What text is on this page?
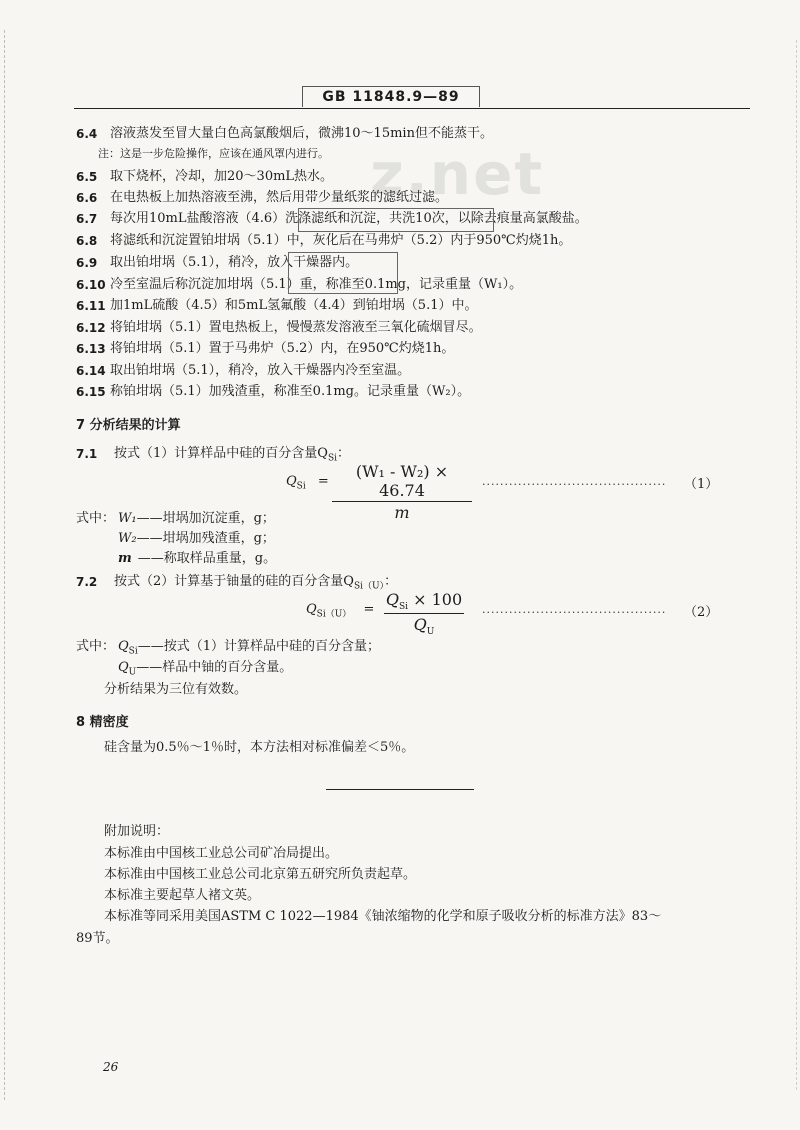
GB 11848.9—89
z.net
6.4 溶液蒸发至冒大量白色高氯酸烟后，微沸10～15min但不能蒸干。
注：这是一步危险操作，应该在通风罩内进行。
6.5 取下烧杯，冷却，加20～30mL热水。
6.6 在电热板上加热溶液至沸，然后用带少量纸浆的滤纸过滤。
6.7 每次用10mL盐酸溶液（4.6）洗涤滤纸和沉淀，共洗10次，以除去痕量高氯酸盐。
6.8 将滤纸和沉淀置铂坩埚（5.1）中，灰化后在马弗炉（5.2）内于950℃灼烧1h。
6.9 取出铂坩埚（5.1），稍冷，放入干燥器内。
6.10 冷至室温后称沉淀加坩埚（5.1）重，称准至0.1mg，记录重量（W₁）。
6.11 加1mL硫酸（4.5）和5mL氢氟酸（4.4）到铂坩埚（5.1）中。
6.12 将铂坩埚（5.1）置电热板上，慢慢蒸发溶液至三氧化硫烟冒尽。
6.13 将铂坩埚（5.1）置于马弗炉（5.2）内，在950℃灼烧1h。
6.14 取出铂坩埚（5.1），稍冷，放入干燥器内冷至室温。
6.15 称铂坩埚（5.1）加残渣重，称准至0.1mg。记录重量（W₂）。
7 分析结果的计算
7.1 按式（1）计算样品中硅的百分含量$Q_{Si}$：
$Q_{Si}$ =
(W₁ - W₂) × 46.74
m
········································· （1）
式中： W₁——坩埚加沉淀重，g；
W₂——坩埚加残渣重，g；
m ——称取样品重量，g。
7.2 按式（2）计算基于铀量的硅的百分含量$Q_{Si(U)}$：
$Q_{Si(U)}$ =
$Q_{Si} \times 100$
$Q_U$
········································· （2）
式中： $Q_{Si}——$按式（1）计算样品中硅的百分含量；
$Q_U——$样品中铀的百分含量。
分析结果为三位有效数。
8 精密度
硅含量为0.5％～1％时，本方法相对标准偏差＜5％。
附加说明：
本标准由中国核工业总公司矿冶局提出。
本标准由中国核工业总公司北京第五研究所负责起草。
本标准主要起草人褚文英。
本标准等同采用美国ASTM C 1022—1984《铀浓缩物的化学和原子吸收分析的标准方法》83～
89节。
26
